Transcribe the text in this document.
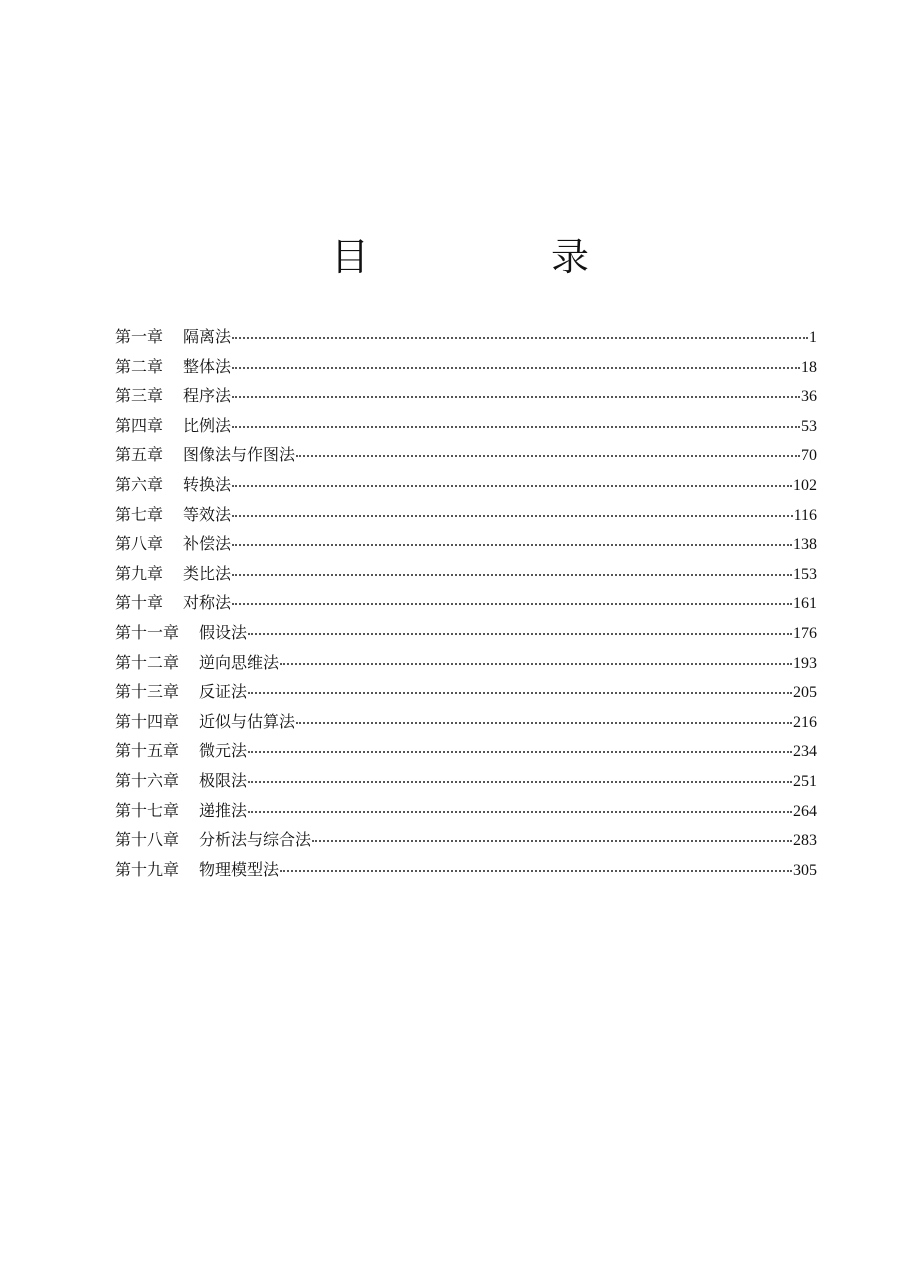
目　录
第一章 隔离法	1
第二章 整体法	18
第三章 程序法	36
第四章 比例法	53
第五章 图像法与作图法	70
第六章 转换法	102
第七章 等效法	116
第八章 补偿法	138
第九章 类比法	153
第十章 对称法	161
第十一章 假设法	176
第十二章 逆向思维法	193
第十三章 反证法	205
第十四章 近似与估算法	216
第十五章 微元法	234
第十六章 极限法	251
第十七章 递推法	264
第十八章 分析法与综合法	283
第十九章 物理模型法	305
